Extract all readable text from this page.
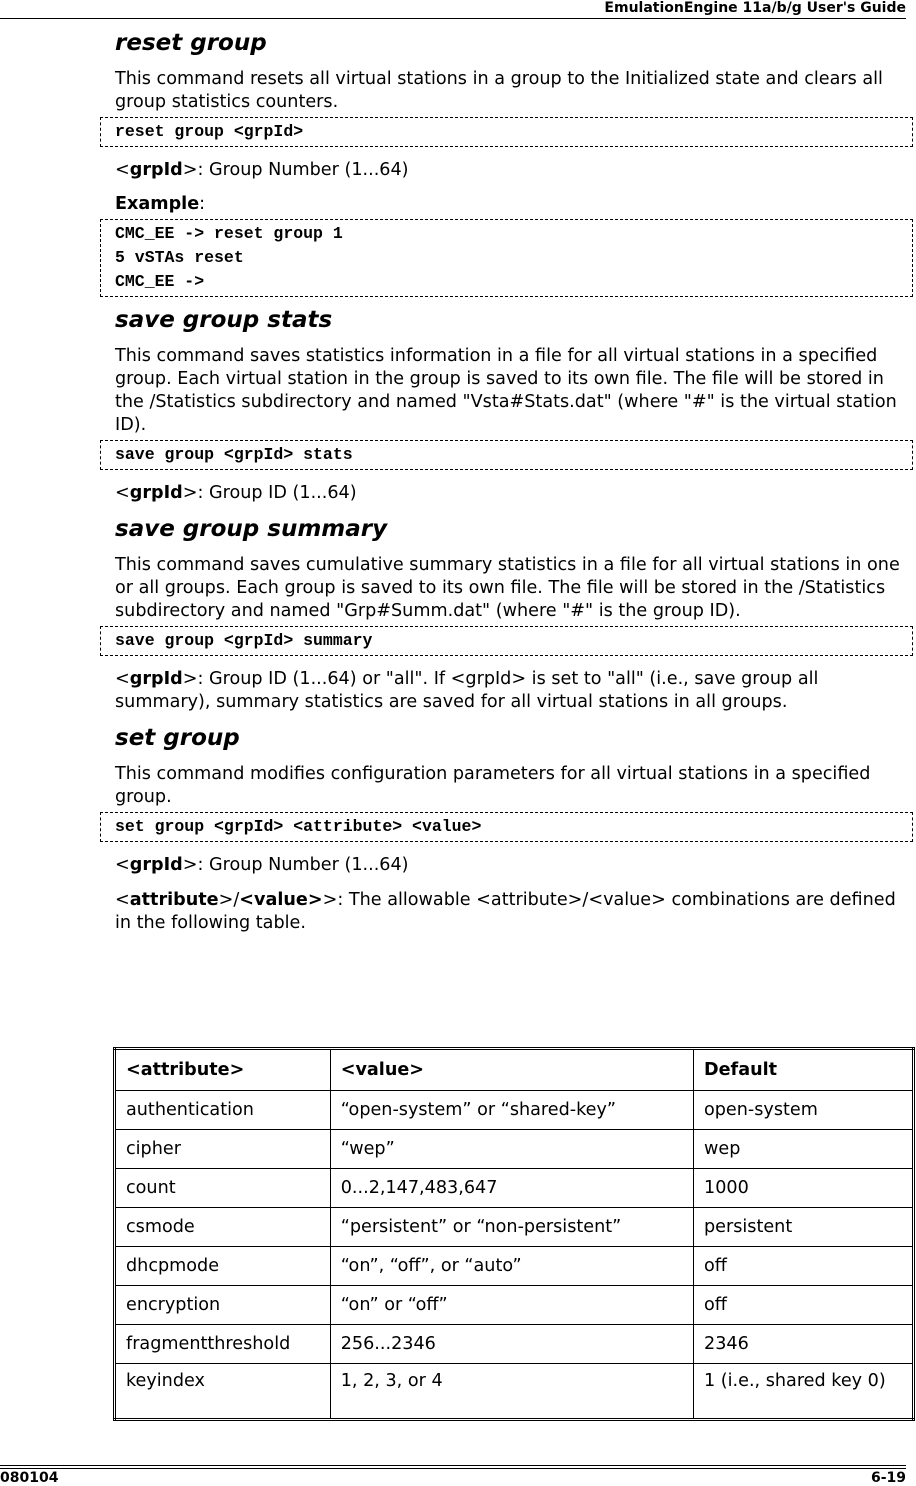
EmulationEngine 11a/b/g User's Guide
reset group

This command resets all virtual stations in a group to the Initialized state and clears all group statistics counters.

reset group <grpId>

<grpId>: Group Number (1...64)

Example:

CMC_EE -> reset group 1
5 vSTAs reset
CMC_EE ->
save group stats

This command saves statistics information in a file for all virtual stations in a specified group. Each virtual station in the group is saved to its own file. The file will be stored in the /Statistics subdirectory and named "Vsta#Stats.dat" (where "#" is the virtual station ID).

save group <grpId> stats

<grpId>: Group ID (1...64)

save group summary

This command saves cumulative summary statistics in a file for all virtual stations in one or all groups. Each group is saved to its own file. The file will be stored in the /Statistics subdirectory and named "Grp#Summ.dat" (where "#" is the group ID).

save group <grpId> summary

<grpId>: Group ID (1...64) or "all". If <grpId> is set to "all" (i.e., save group all summary), summary statistics are saved for all virtual stations in all groups.

set group

This command modifies configuration parameters for all virtual stations in a specified group.

set group <grpId> <attribute> <value>

<grpId>: Group Number (1...64)

<attribute>/<value>>: The allowable <attribute>/<value> combinations are defined in the following table.

<attribute>	<value>	Default
authentication	“open-system” or “shared-key”	open-system
cipher	“wep”	wep
count	0...2,147,483,647	1000
csmode	“persistent” or “non-persistent”	persistent
dhcpmode	“on”, “off”, or “auto”	off
encryption	“on” or “off”	off
fragmentthreshold	256...2346	2346
keyindex	1, 2, 3, or 4	1 (i.e., shared key 0)
080104	6-19
